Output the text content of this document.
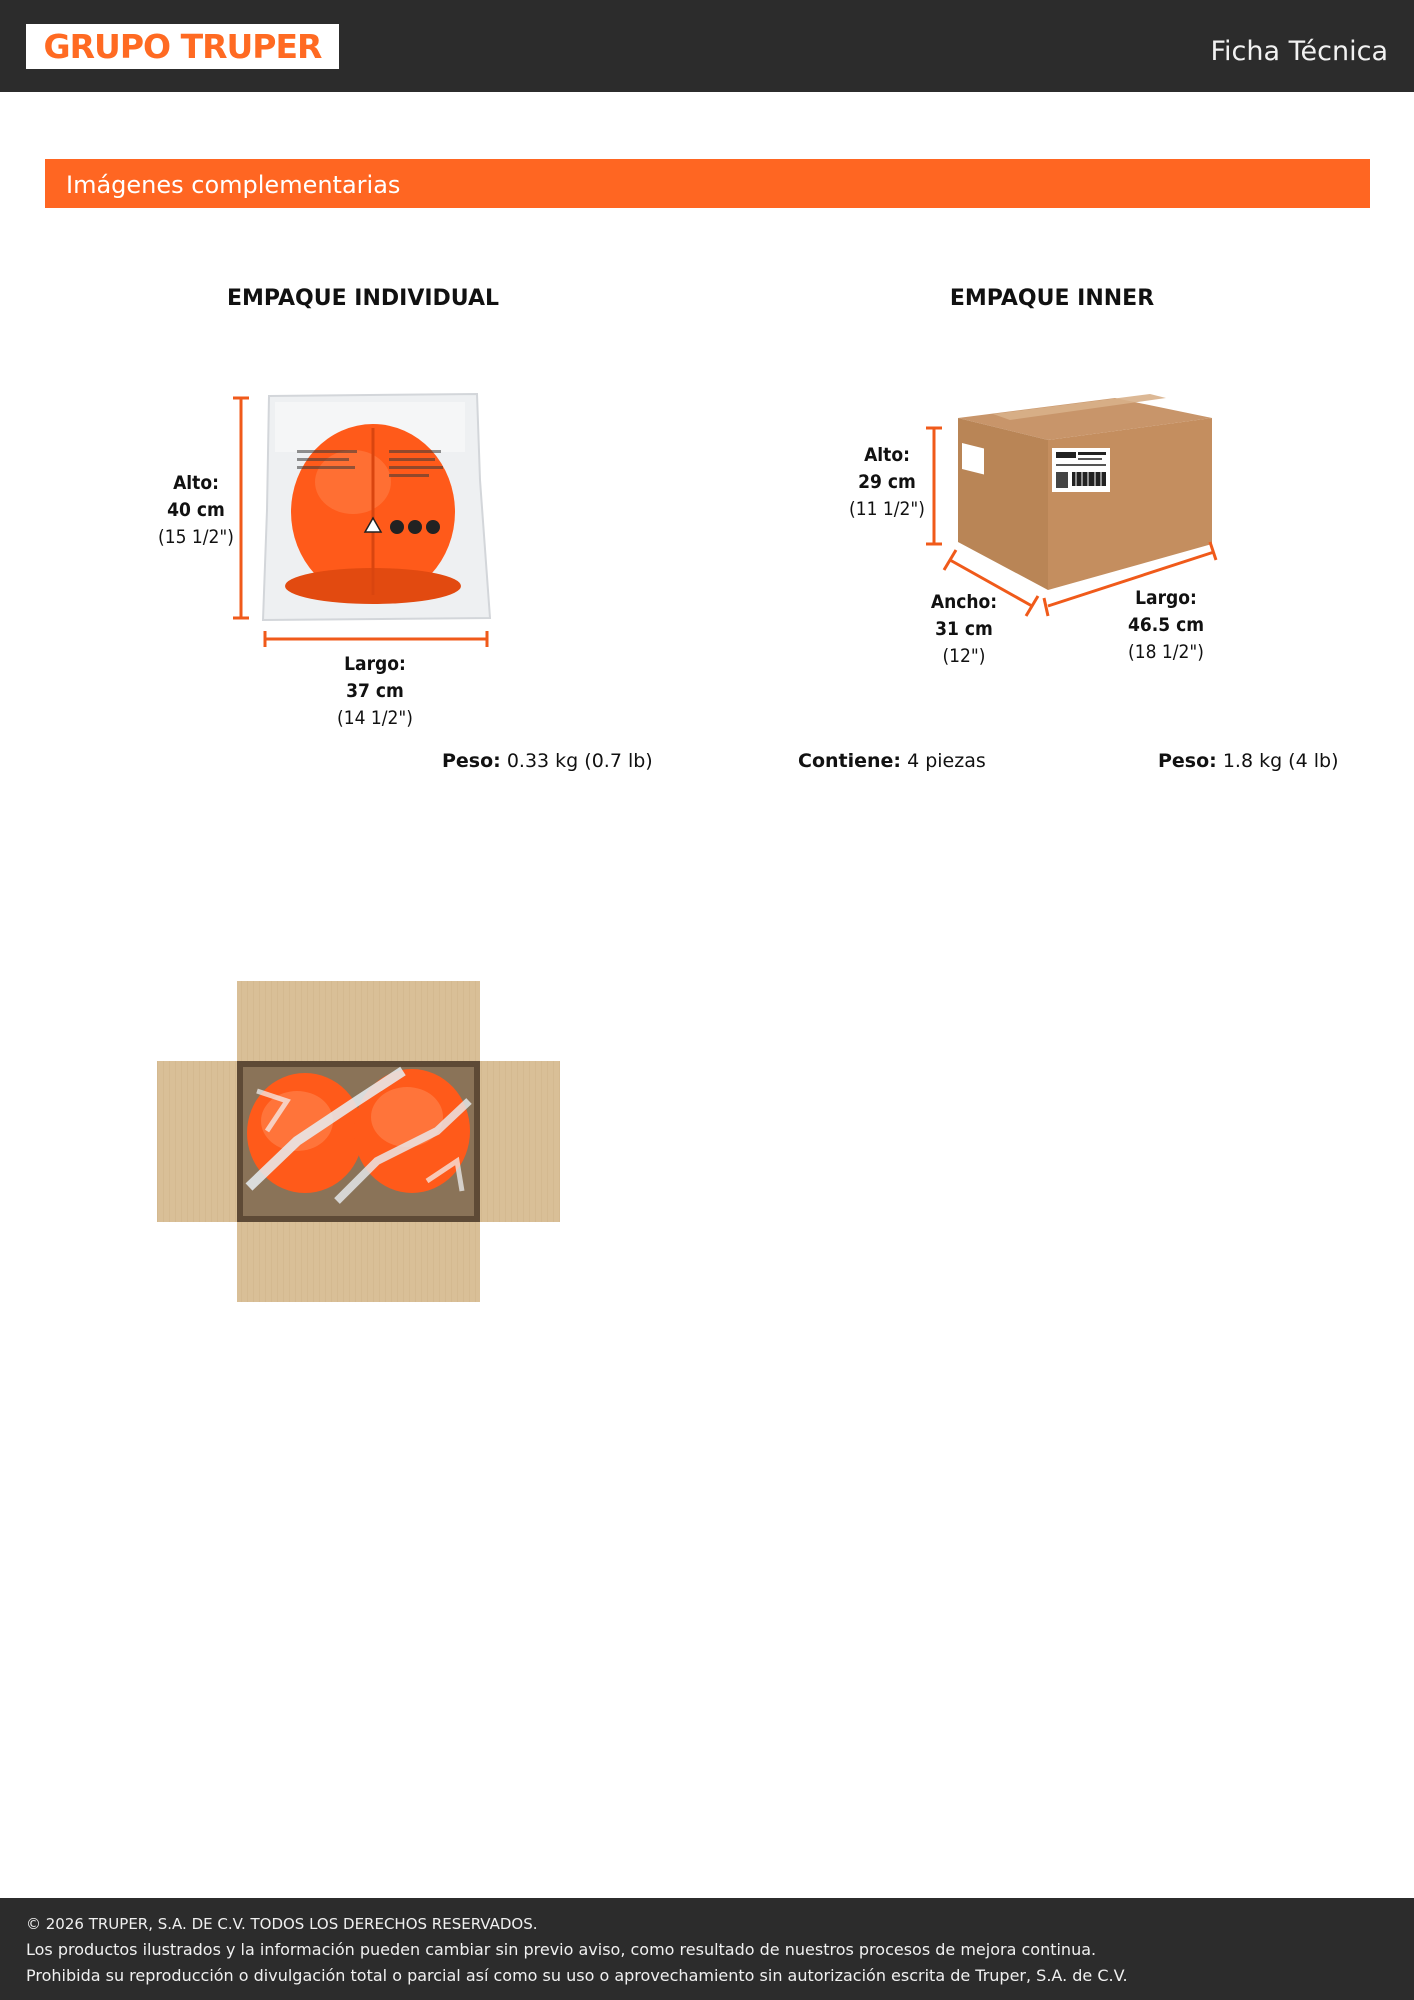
GRUPO TRUPER	Ficha Técnica
Imágenes complementarias
EMPAQUE INDIVIDUAL
Alto:
40 cm
(15 1/2")
Largo:
37 cm
(14 1/2")
Peso: 0.33 kg (0.7 lb)
EMPAQUE INNER
Alto:
29 cm
(11 1/2")
Ancho:
31 cm
(12")
Largo:
46.5 cm
(18 1/2")
Contiene: 4 piezas	Peso: 1.8 kg (4 lb)

© 2026 TRUPER, S.A. DE C.V. TODOS LOS DERECHOS RESERVADOS.

Los productos ilustrados y la información pueden cambiar sin previo aviso, como resultado de nuestros procesos de mejora continua.

Prohibida su reproducción o divulgación total o parcial así como su uso o aprovechamiento sin autorización escrita de Truper, S.A. de C.V.
